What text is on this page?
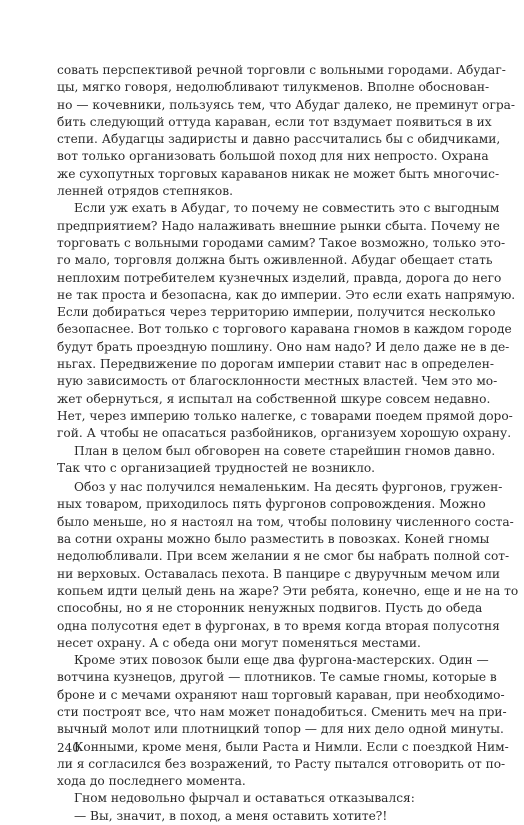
совать перспективой речной торговли с вольными городами. Абудаг-
цы, мягко говоря, недолюбливают тилукменов. Вполне обоснован-
но — кочевники, пользуясь тем, что Абудаг далеко, не преминут огра-
бить следующий оттуда караван, если тот вздумает появиться в их
степи. Абудагцы задиристы и давно рассчитались бы с обидчиками,
вот только организовать большой поход для них непросто. Охрана
же сухопутных торговых караванов никак не может быть многочис-
ленней отрядов степняков.
Если уж ехать в Абудаг, то почему не совместить это с выгодным
предприятием? Надо налаживать внешние рынки сбыта. Почему не
торговать с вольными городами самим? Такое возможно, только это-
го мало, торговля должна быть оживленной. Абудаг обещает стать
неплохим потребителем кузнечных изделий, правда, дорога до него
не так проста и безопасна, как до империи. Это если ехать напрямую.
Если добираться через территорию империи, получится несколько
безопаснее. Вот только с торгового каравана гномов в каждом городе
будут брать проездную пошлину. Оно нам надо? И дело даже не в де-
ньгах. Передвижение по дорогам империи ставит нас в определен-
ную зависимость от благосклонности местных властей. Чем это мо-
жет обернуться, я испытал на собственной шкуре совсем недавно.
Нет, через империю только налегке, с товарами поедем прямой доро-
гой. А чтобы не опасаться разбойников, организуем хорошую охрану.
План в целом был обговорен на совете старейшин гномов давно.
Так что с организацией трудностей не возникло.
Обоз у нас получился немаленьким. На десять фургонов, гружен-
ных товаром, приходилось пять фургонов сопровождения. Можно
было меньше, но я настоял на том, чтобы половину численного соста-
ва сотни охраны можно было разместить в повозках. Коней гномы
недолюбливали. При всем желании я не смог бы набрать полной сот-
ни верховых. Оставалась пехота. В панцире с двуручным мечом или
копьем идти целый день на жаре? Эти ребята, конечно, еще и не на то
способны, но я не сторонник ненужных подвигов. Пусть до обеда
одна полусотня едет в фургонах, в то время когда вторая полусотня
несет охрану. А с обеда они могут поменяться местами.
Кроме этих повозок были еще два фургона-мастерских. Один —
вотчина кузнецов, другой — плотников. Те самые гномы, которые в
броне и с мечами охраняют наш торговый караван, при необходимо-
сти построят все, что нам может понадобиться. Сменить меч на при-
вычный молот или плотницкий топор — для них дело одной минуты.
Конными, кроме меня, были Раста и Нимли. Если с поездкой Ним-
ли я согласился без возражений, то Расту пытался отговорить от по-
хода до последнего момента.
Гном недовольно фырчал и оставаться отказывался:
— Вы, значит, в поход, а меня оставить хотите?!
240
